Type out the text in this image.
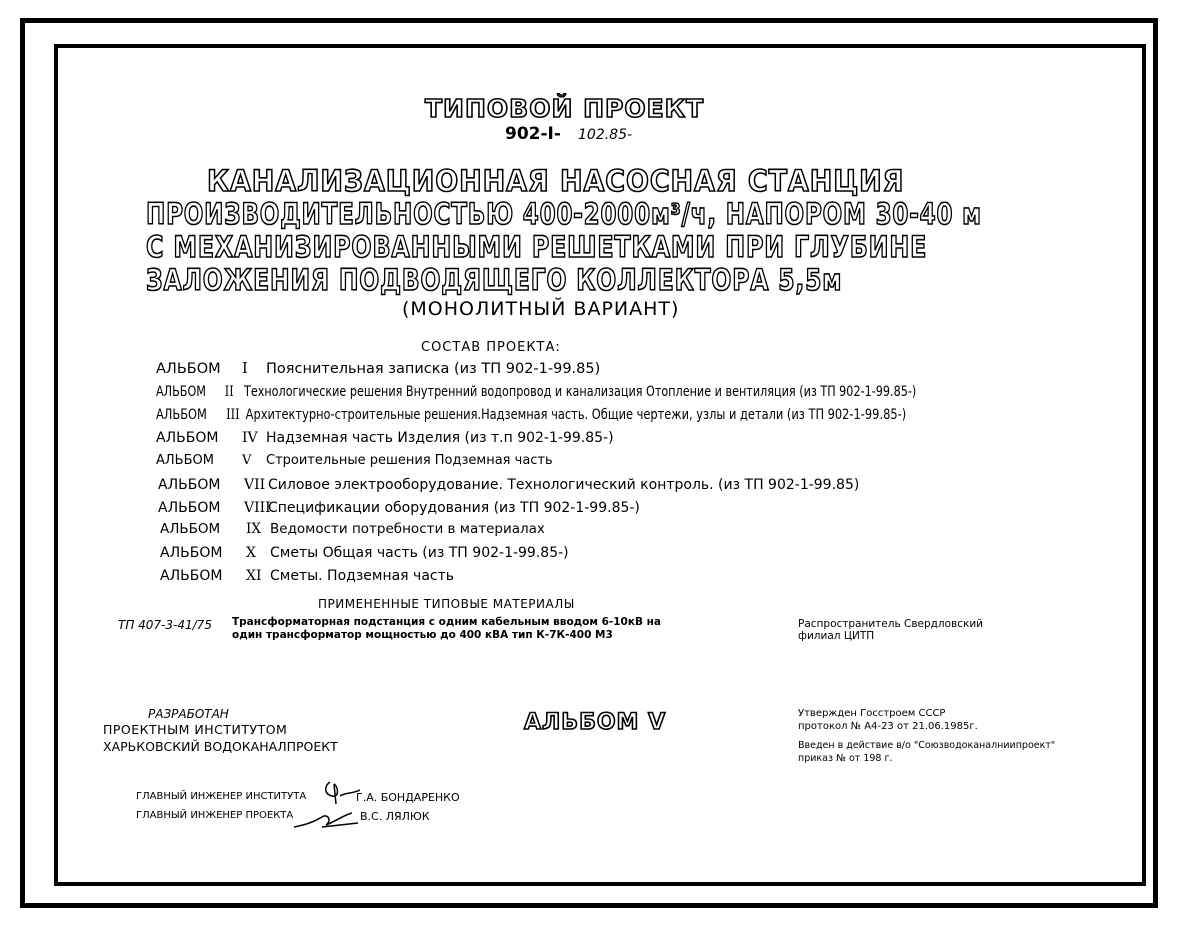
ТИПОВОЙ ПРОЕКТ
902-I- 102.85-
КАНАЛИЗАЦИОННАЯ НАСОСНАЯ СТАНЦИЯ
ПРОИЗВОДИТЕЛЬНОСТЬЮ 400-2000м³/ч, НАПОРОМ 30-40 м
С МЕХАНИЗИРОВАННЫМИ РЕШЕТКАМИ ПРИ ГЛУБИНЕ
ЗАЛОЖЕНИЯ ПОДВОДЯЩЕГО КОЛЛЕКТОРА 5,5м
(МОНОЛИТНЫЙ ВАРИАНТ)
СОСТАВ ПРОЕКТА:
АЛЬБОМ I Пояснительная записка (из ТП 902-1-99.85)
АЛЬБОМ II Технологические решения Внутренний водопровод и канализация Отопление и вентиляция (из ТП 902-1-99.85-)
АЛЬБОМ III Архитектурно-строительные решения.Надземная часть. Общие чертежи, узлы и детали (из ТП 902-1-99.85-)
АЛЬБОМ IV Надземная часть Изделия (из т.п 902-1-99.85-)
АЛЬБОМ V Строительные решения Подземная часть
АЛЬБОМ VII Силовое электрооборудование. Технологический контроль. (из ТП 902-1-99.85)
АЛЬБОМ VIIIСпецификации оборудования (из ТП 902-1-99.85-)
АЛЬБОМ IX Ведомости потребности в материалах
АЛЬБОМ X Сметы Общая часть (из ТП 902-1-99.85-)
АЛЬБОМ XI Сметы. Подземная часть
ПРИМЕНЕННЫЕ ТИПОВЫЕ МАТЕРИАЛЫ
ТП 407-3-41/75 Трансформаторная подстанция с одним кабельным вводом 6-10кВ на
один трансформатор мощностью до 400 кВА тип К-7К-400 М3
Распространитель Свердловский
филиал ЦИТП
РАЗРАБОТАН
ПРОЕКТНЫМ ИНСТИТУТОМ
ХАРЬКОВСКИЙ ВОДОКАНАЛПРОЕКТ
АЛЬБОМ V	Утвержден Госстроем СССР
протокол № А4-23 от 21.06.1985г.
Введен в действие в/о "Союзводоканалниипроект"
приказ № от 198 г.
ГЛАВНЫЙ ИНЖЕНЕР ИНСТИТУТА	Г.А. БОНДАРЕНКО
ГЛАВНЫЙ ИНЖЕНЕР ПРОЕКТА	В.С. ЛЯЛЮК
